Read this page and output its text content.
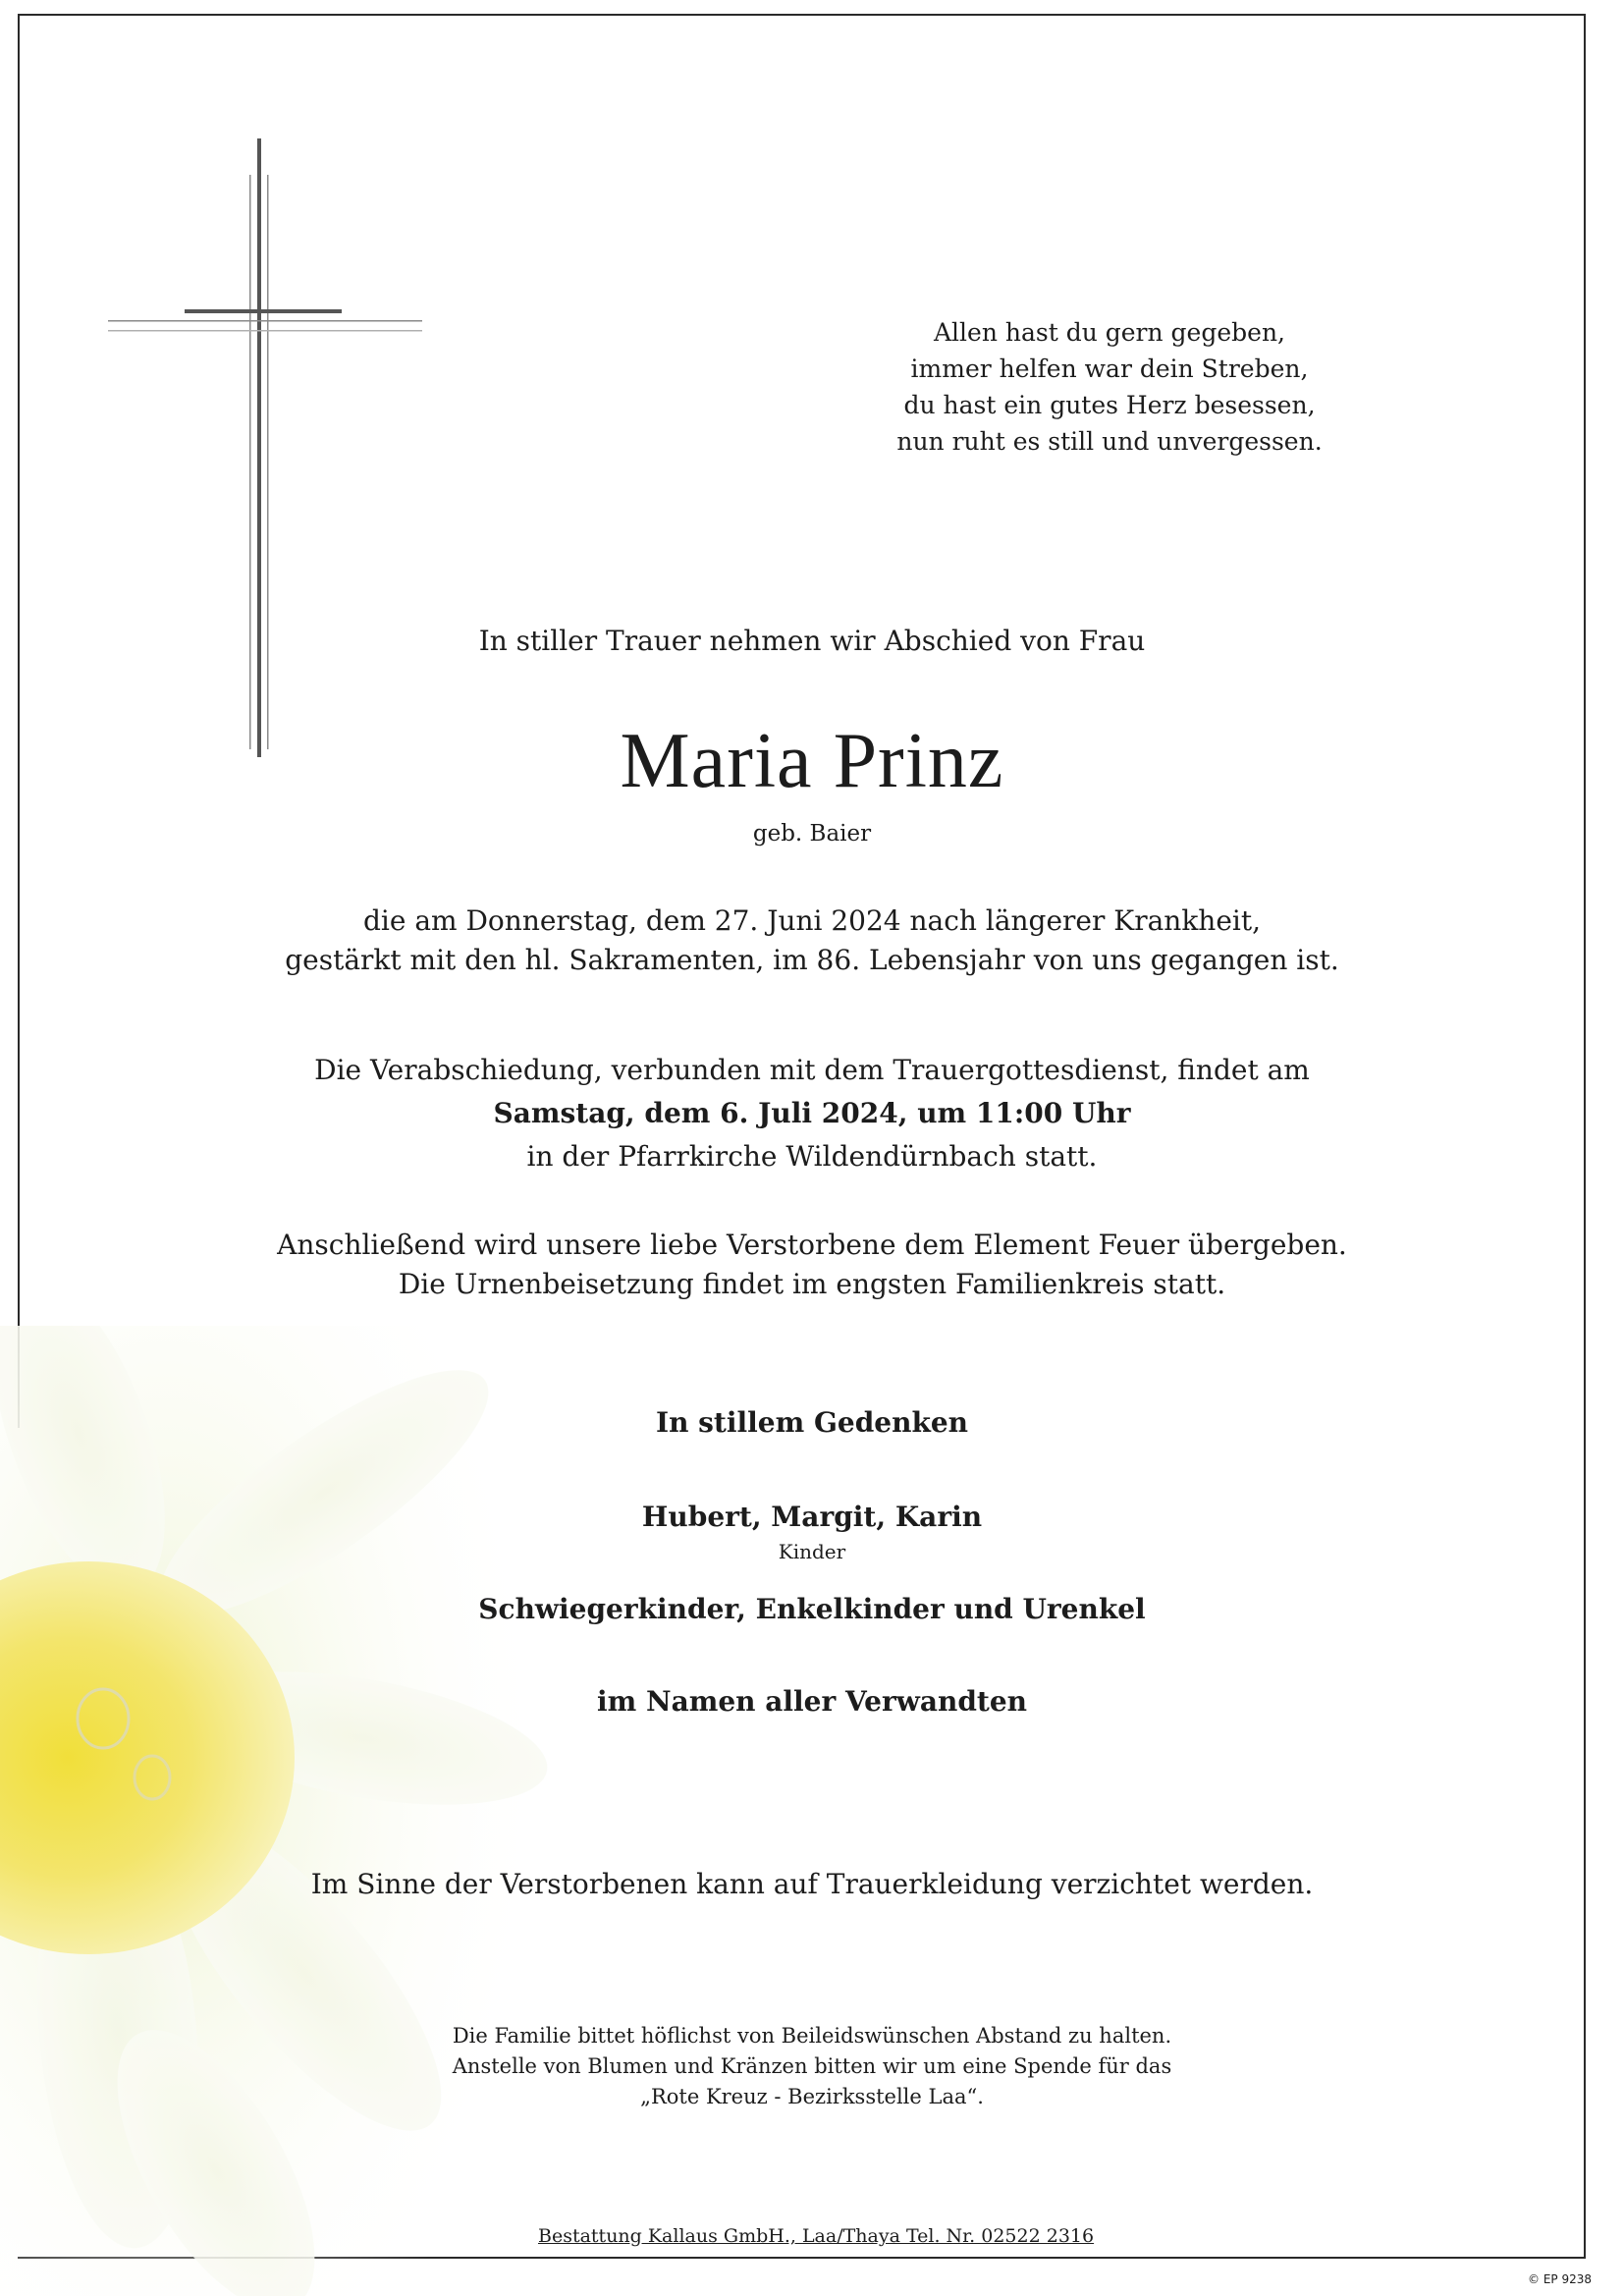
Allen hast du gern gegeben,
immer helfen war dein Streben,
du hast ein gutes Herz besessen,
nun ruht es still und unvergessen.

In stiller Trauer nehmen wir Abschied von Frau

Maria Prinz

geb. Baier

die am Donnerstag, dem 27. Juni 2024 nach längerer Krankheit,
gestärkt mit den hl. Sakramenten, im 86. Lebensjahr von uns gegangen ist.
Die Verabschiedung, verbunden mit dem Trauergottesdienst, findet am
Samstag, dem 6. Juli 2024, um 11:00 Uhr
in der Pfarrkirche Wildendürnbach statt.
Anschließend wird unsere liebe Verstorbene dem Element Feuer übergeben.
Die Urnenbeisetzung findet im engsten Familienkreis statt.

In stillem Gedenken

Hubert, Margit, Karin

Kinder

Schwiegerkinder, Enkelkinder und Urenkel

im Namen aller Verwandten

Im Sinne der Verstorbenen kann auf Trauerkleidung verzichtet werden.

Die Familie bittet höflichst von Beileidswünschen Abstand zu halten.
Anstelle von Blumen und Kränzen bitten wir um eine Spende für das
„Rote Kreuz - Bezirksstelle Laa“.
Bestattung Kallaus GmbH., Laa/Thaya Tel. Nr. 02522 2316
© EP 9238
